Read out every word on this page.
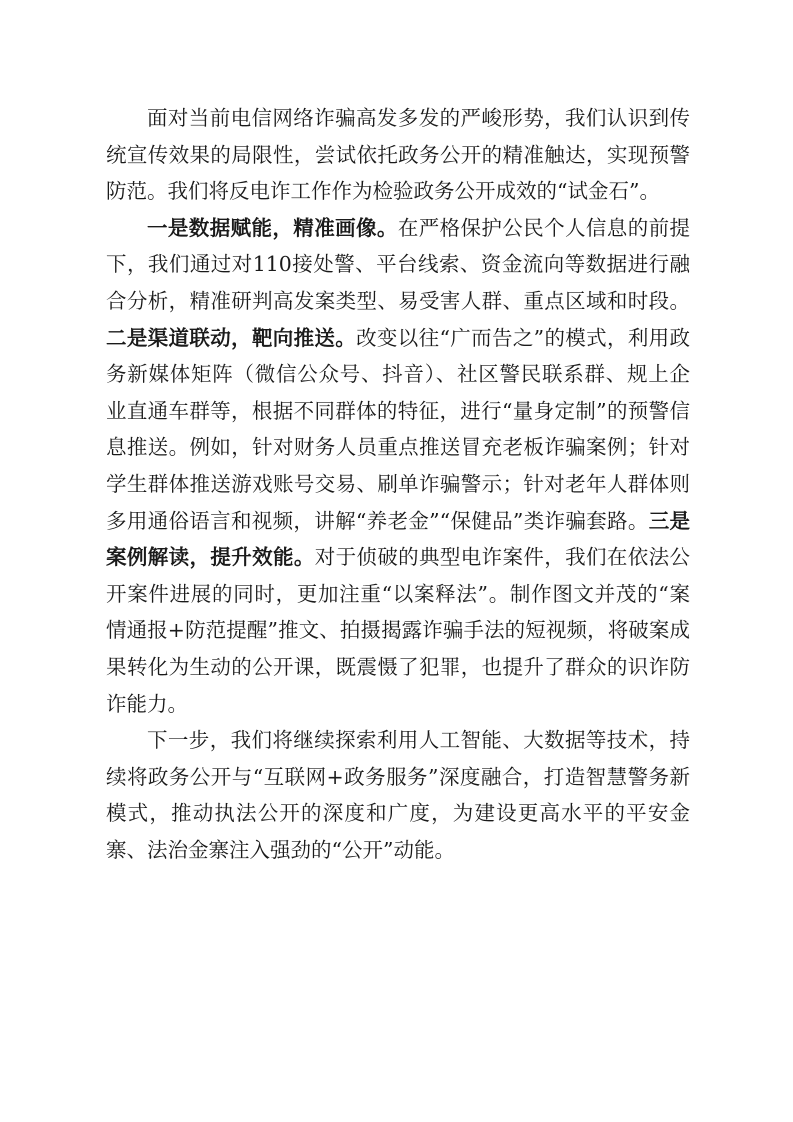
面对当前电信网络诈骗高发多发的严峻形势，我们认识到传统宣传效果的局限性，尝试依托政务公开的精准触达，实现预警防范。我们将反电诈工作作为检验政务公开成效的“试金石”。

一是数据赋能，精准画像。在严格保护公民个人信息的前提下，我们通过对110接处警、平台线索、资金流向等数据进行融合分析，精准研判高发案类型、易受害人群、重点区域和时段。二是渠道联动，靶向推送。改变以往“广而告之”的模式，利用政务新媒体矩阵（微信公众号、抖音）、社区警民联系群、规上企业直通车群等，根据不同群体的特征，进行“量身定制”的预警信息推送。例如，针对财务人员重点推送冒充老板诈骗案例；针对学生群体推送游戏账号交易、刷单诈骗警示；针对老年人群体则多用通俗语言和视频，讲解“养老金”“保健品”类诈骗套路。三是案例解读，提升效能。对于侦破的典型电诈案件，我们在依法公开案件进展的同时，更加注重“以案释法”。制作图文并茂的“案情通报+防范提醒”推文、拍摄揭露诈骗手法的短视频，将破案成果转化为生动的公开课，既震慑了犯罪，也提升了群众的识诈防诈能力。

下一步，我们将继续探索利用人工智能、大数据等技术，持续将政务公开与“互联网+政务服务”深度融合，打造智慧警务新模式，推动执法公开的深度和广度，为建设更高水平的平安金寨、法治金寨注入强劲的“公开”动能。
